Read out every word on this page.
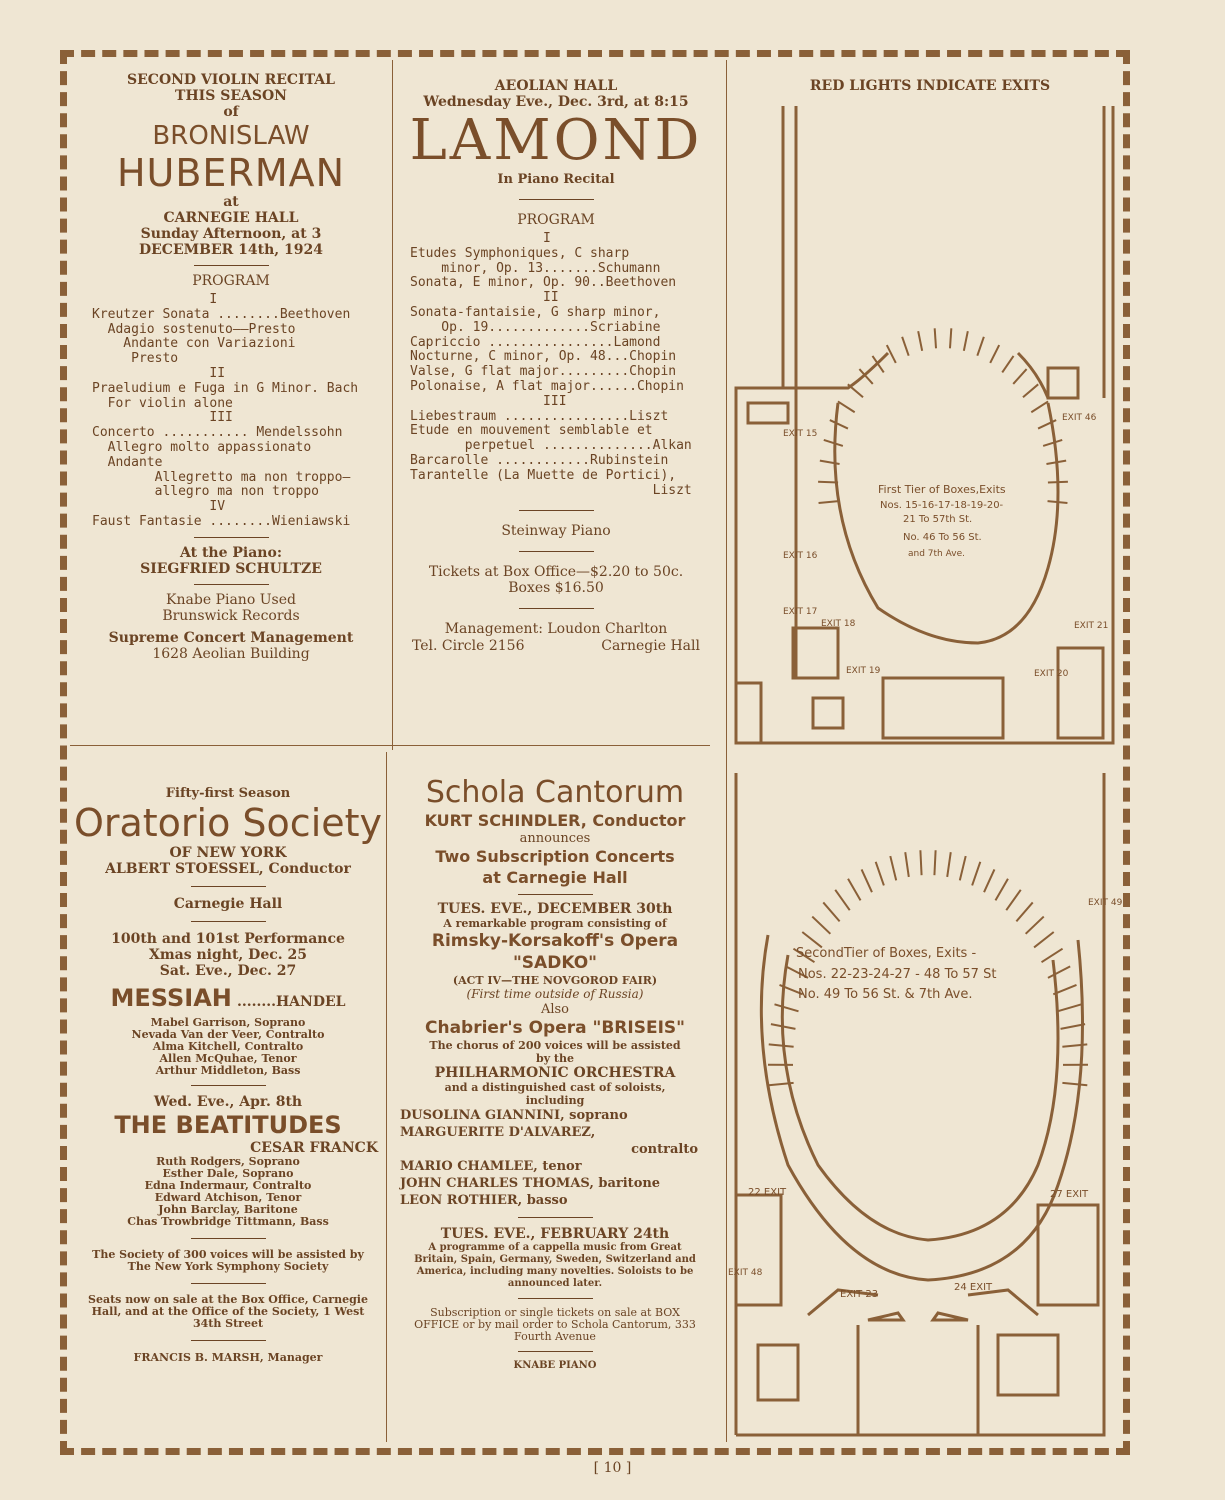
SECOND VIOLIN RECITAL

THIS SEASON

of

BRONISLAW

HUBERMAN

at

CARNEGIE HALL

Sunday Afternoon, at 3

DECEMBER 14th, 1924

PROGRAM

I
Kreutzer Sonata ........Beethoven
Adagio sostenuto——Presto
Andante con Variazioni
Presto
II
Praeludium e Fuga in G Minor. Bach
For violin alone
III
Concerto ........... Mendelssohn
Allegro molto appassionato
Andante
Allegretto ma non troppo—
allegro ma non troppo
IV
Faust Fantasie ........Wieniawski

At the Piano:

SIEGFRIED SCHULTZE

Knabe Piano Used

Brunswick Records

Supreme Concert Management

1628 Aeolian Building

AEOLIAN HALL

Wednesday Eve., Dec. 3rd, at 8:15

LAMOND

In Piano Recital

PROGRAM

I
Etudes Symphoniques, C sharp
minor, Op. 13.......Schumann
Sonata, E minor, Op. 90..Beethoven
II
Sonata-fantaisie, G sharp minor,
Op. 19.............Scriabine
Capriccio ................Lamond
Nocturne, C minor, Op. 48...Chopin
Valse, G flat major.........Chopin
Polonaise, A flat major......Chopin
III
Liebestraum ................Liszt
Etude en mouvement semblable et
perpetuel ..............Alkan
Barcarolle ............Rubinstein
Tarantelle (La Muette de Portici),
Liszt

Steinway Piano

Tickets at Box Office—$2.20 to 50c.

Boxes $16.50

Management: Loudon Charlton

Tel. Circle 2156	Carnegie Hall

RED LIGHTS INDICATE EXITS

First Tier of Boxes,Exits
Nos. 15-16-17-18-19-20-
21 To 57th St.
No. 46 To 56 St.
and 7th Ave.
EXIT 15
EXIT 16
EXIT 17
EXIT 18
EXIT 19	EXIT 20
EXIT 21
EXIT 46
SecondTier of Boxes, Exits -
Nos. 22-23-24-27 - 48 To 57 St
No. 49 To 56 St. & 7th Ave.
22 EXIT	27 EXIT
EXIT 48
EXIT 23
24 EXIT
EXIT 49

Fifty-first Season

Oratorio Society

OF NEW YORK

ALBERT STOESSEL, Conductor

Carnegie Hall

100th and 101st Performance

Xmas night, Dec. 25

Sat. Eve., Dec. 27

MESSIAH ........HANDEL

Mabel Garrison, Soprano
Nevada Van der Veer, Contralto
Alma Kitchell, Contralto
Allen McQuhae, Tenor
Arthur Middleton, Bass

Wed. Eve., Apr. 8th

THE BEATITUDES

CESAR FRANCK

Ruth Rodgers, Soprano
Esther Dale, Soprano
Edna Indermaur, Contralto
Edward Atchison, Tenor
John Barclay, Baritone
Chas Trowbridge Tittmann, Bass

The Society of 300 voices will be assisted by The New York Symphony Society

Seats now on sale at the Box Office, Carnegie Hall, and at the Office of the Society, 1 West 34th Street

FRANCIS B. MARSH, Manager

Schola Cantorum

KURT SCHINDLER, Conductor

announces

Two Subscription Concerts

at Carnegie Hall

TUES. EVE., DECEMBER 30th

A remarkable program consisting of

Rimsky-Korsakoff's Opera

"SADKO"

(ACT IV—THE NOVGOROD FAIR)

(First time outside of Russia)

Also

Chabrier's Opera "BRISEIS"

The chorus of 200 voices will be assisted

by the

PHILHARMONIC ORCHESTRA

and a distinguished cast of soloists,

including

DUSOLINA GIANNINI, soprano
MARGUERITE D'ALVAREZ,
contralto
MARIO CHAMLEE, tenor
JOHN CHARLES THOMAS, baritone
LEON ROTHIER, basso

TUES. EVE., FEBRUARY 24th

A programme of a cappella music from Great Britain, Spain, Germany, Sweden, Switzerland and America, including many novelties. Soloists to be announced later.

Subscription or single tickets on sale at BOX OFFICE or by mail order to Schola Cantorum, 333 Fourth Avenue

KNABE PIANO

[ 10 ]
